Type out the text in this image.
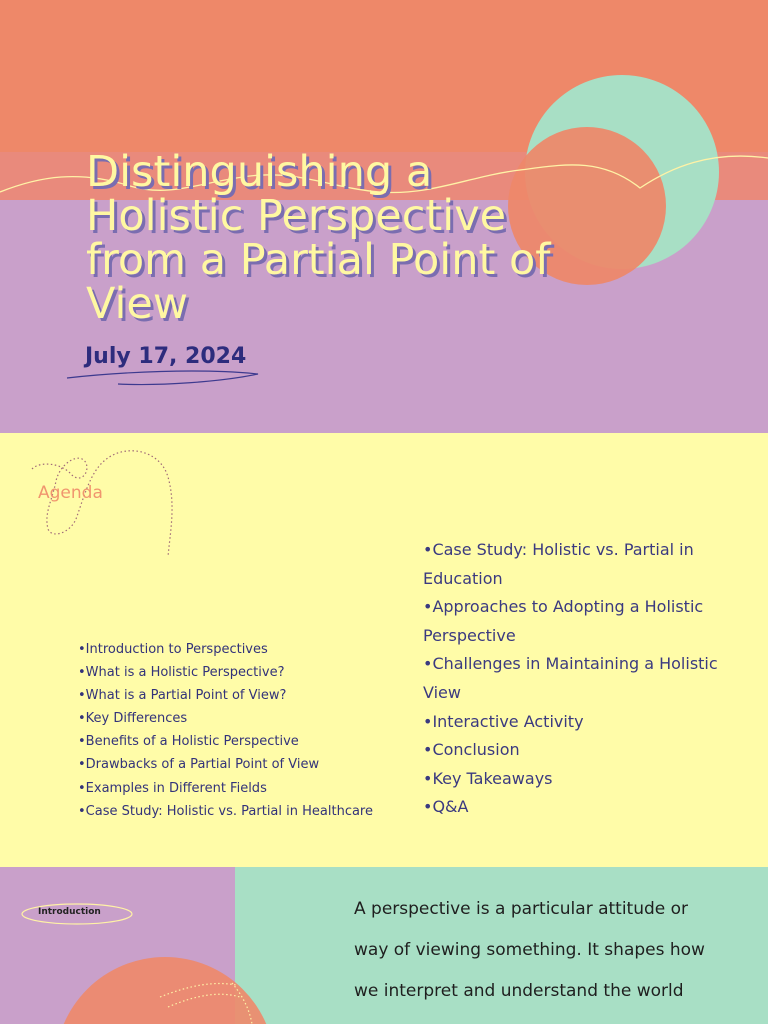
Distinguishing a Holistic Perspective from a Partial Point of View

July 17, 2024

Agenda
•Introduction to Perspectives
•What is a Holistic Perspective?
•What is a Partial Point of View?
•Key Differences
•Benefits of a Holistic Perspective
•Drawbacks of a Partial Point of View
•Examples in Different Fields
•Case Study: Holistic vs. Partial in Healthcare
•Case Study: Holistic vs. Partial in Education
•Approaches to Adopting a Holistic Perspective
•Challenges in Maintaining a Holistic View
•Interactive Activity
•Conclusion
•Key Takeaways
•Q&A

Introduction	A perspective is a particular attitude or way of viewing something. It shapes how we interpret and understand the world
